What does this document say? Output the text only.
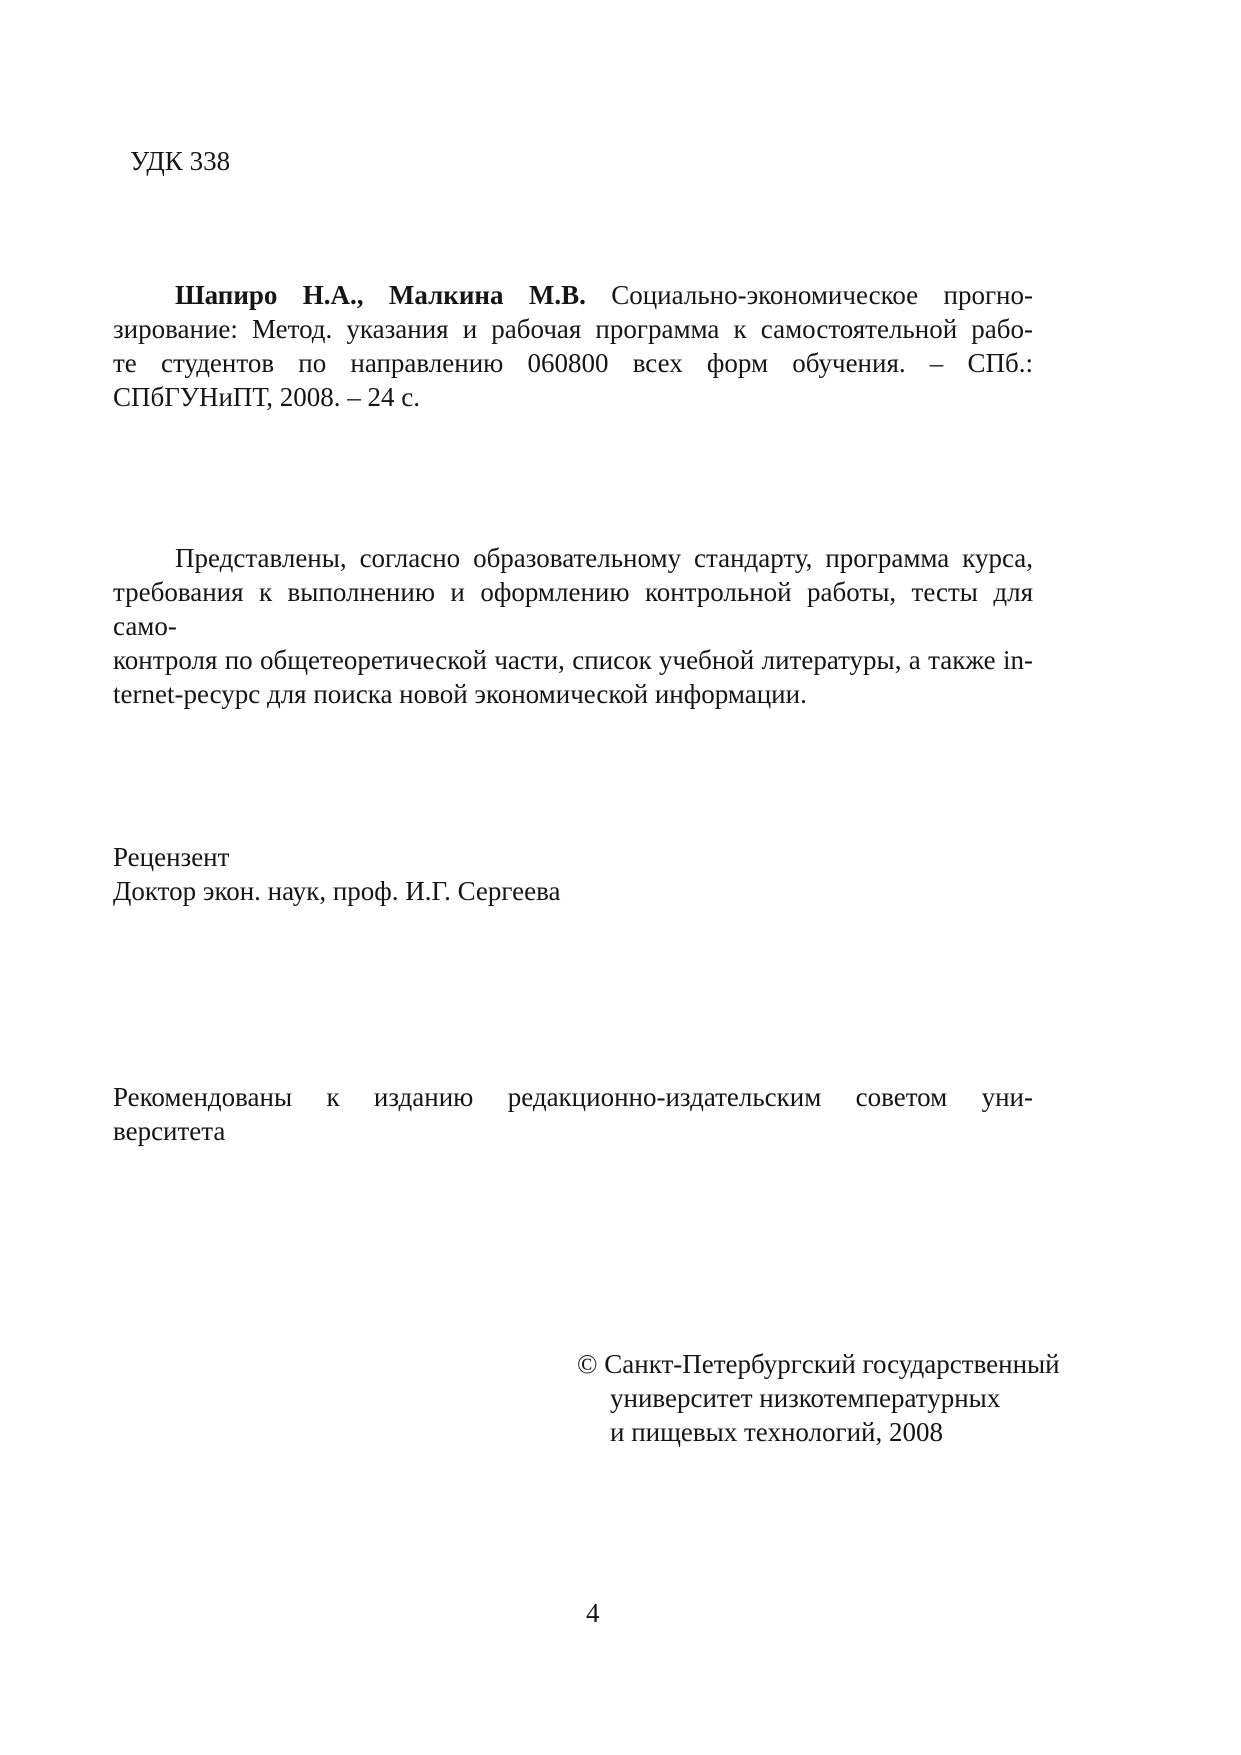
УДК 338
Шапиро Н.А., Малкина М.В. Социально-экономическое прогно-
зирование: Метод. указания и рабочая программа к самостоятельной рабо-
те студентов по направлению 060800 всех форм обучения. – СПб.:
СПбГУНиПТ, 2008. – 24 с.
Представлены, согласно образовательному стандарту, программа курса,
требования к выполнению и оформлению контрольной работы, тесты для само-
контроля по общетеоретической части, список учебной литературы, а также in-
ternet-ресурс для поиска новой экономической информации.
Рецензент
Доктор экон. наук, проф. И.Г. Сергеева
Рекомендованы к изданию редакционно-издательским советом уни-
верситета
© Санкт-Петербургский государственный
университет низкотемпературных
и пищевых технологий, 2008
4
